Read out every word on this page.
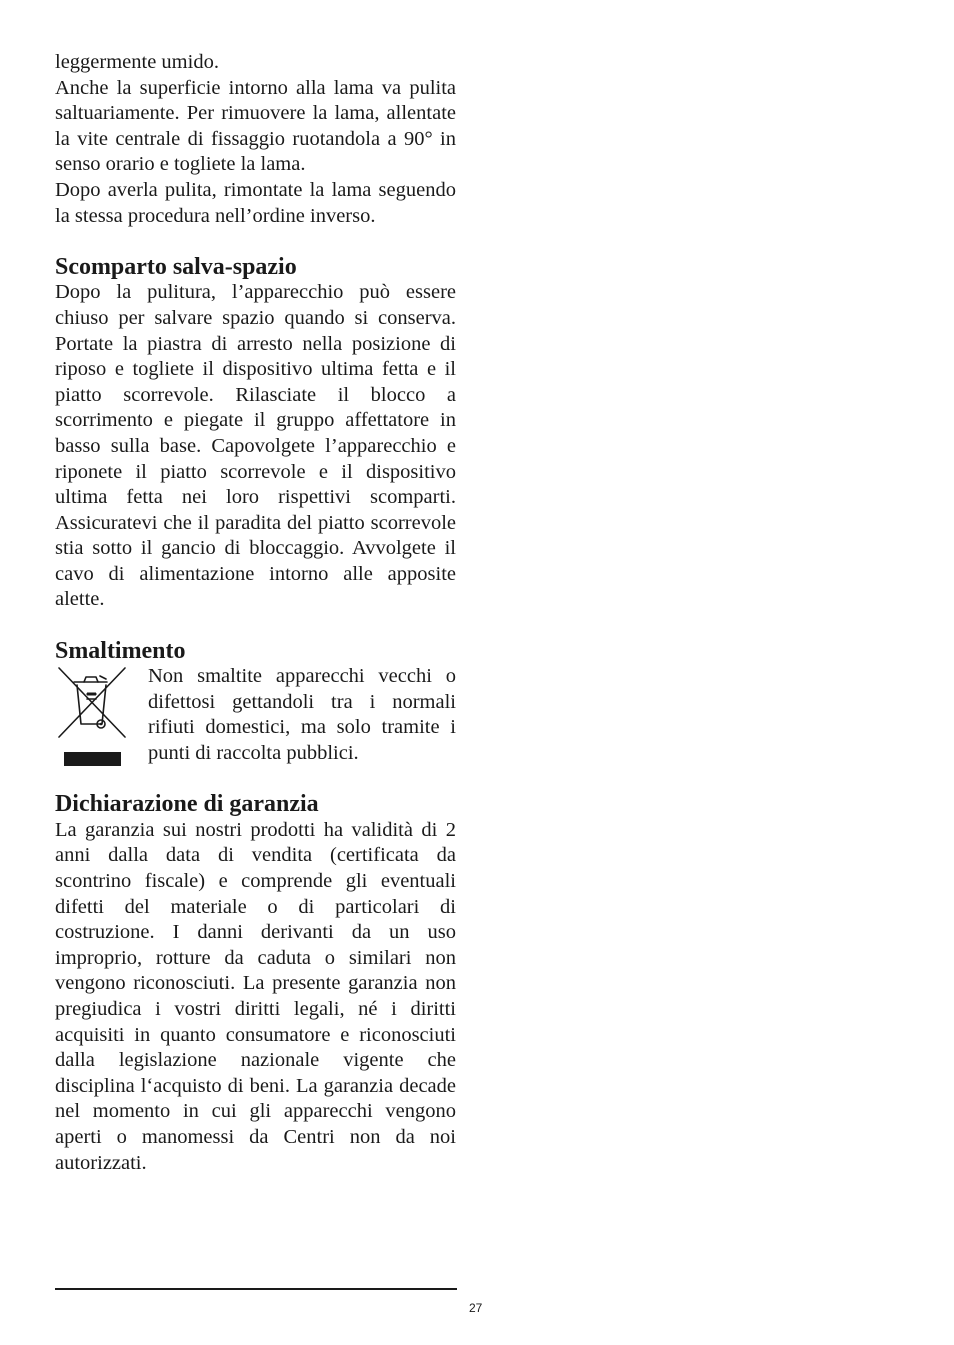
leggermente umido.

Anche la superficie intorno alla lama va pulita saltuariamente. Per rimuovere la lama, allentate la vite centrale di fissaggio ruotandola a 90° in senso orario e togliete la lama.

Dopo averla pulita, rimontate la lama seguendo la stessa procedura nell’ordine inverso.

Scomparto salva-spazio

Dopo la pulitura, l’apparecchio può essere chiuso per salvare spazio quando si conserva. Portate la piastra di arresto nella posizione di riposo e togliete il dispositivo ultima fetta e il piatto scorrevole. Rilasciate il blocco a scorrimento e piegate il gruppo affettatore in basso sulla base. Capovolgete l’apparecchio e riponete il piatto scorrevole e il dispositivo ultima fetta nei loro rispettivi scomparti. Assicuratevi che il paradita del piatto scorrevole stia sotto il gancio di bloccaggio. Avvolgete il cavo di alimentazione intorno alle apposite alette.

Smaltimento

Non smaltite apparecchi vecchi o difettosi gettandoli tra i normali rifiuti domestici, ma solo tramite i punti di raccolta pubblici.

Dichiarazione di garanzia

La garanzia sui nostri prodotti ha validità di 2 anni dalla data di vendita (certificata da scontrino fiscale) e comprende gli eventuali difetti del materiale o di particolari di costruzione. I danni derivanti da un uso improprio, rotture da caduta o similari non vengono riconosciuti. La presente garanzia non pregiudica i vostri diritti legali, né i diritti acquisiti in quanto consumatore e riconosciuti dalla legislazione nazionale vigente che disciplina l‘acquisto di beni. La garanzia decade nel momento in cui gli apparecchi vengono aperti o manomessi da Centri non da noi autorizzati.

27
